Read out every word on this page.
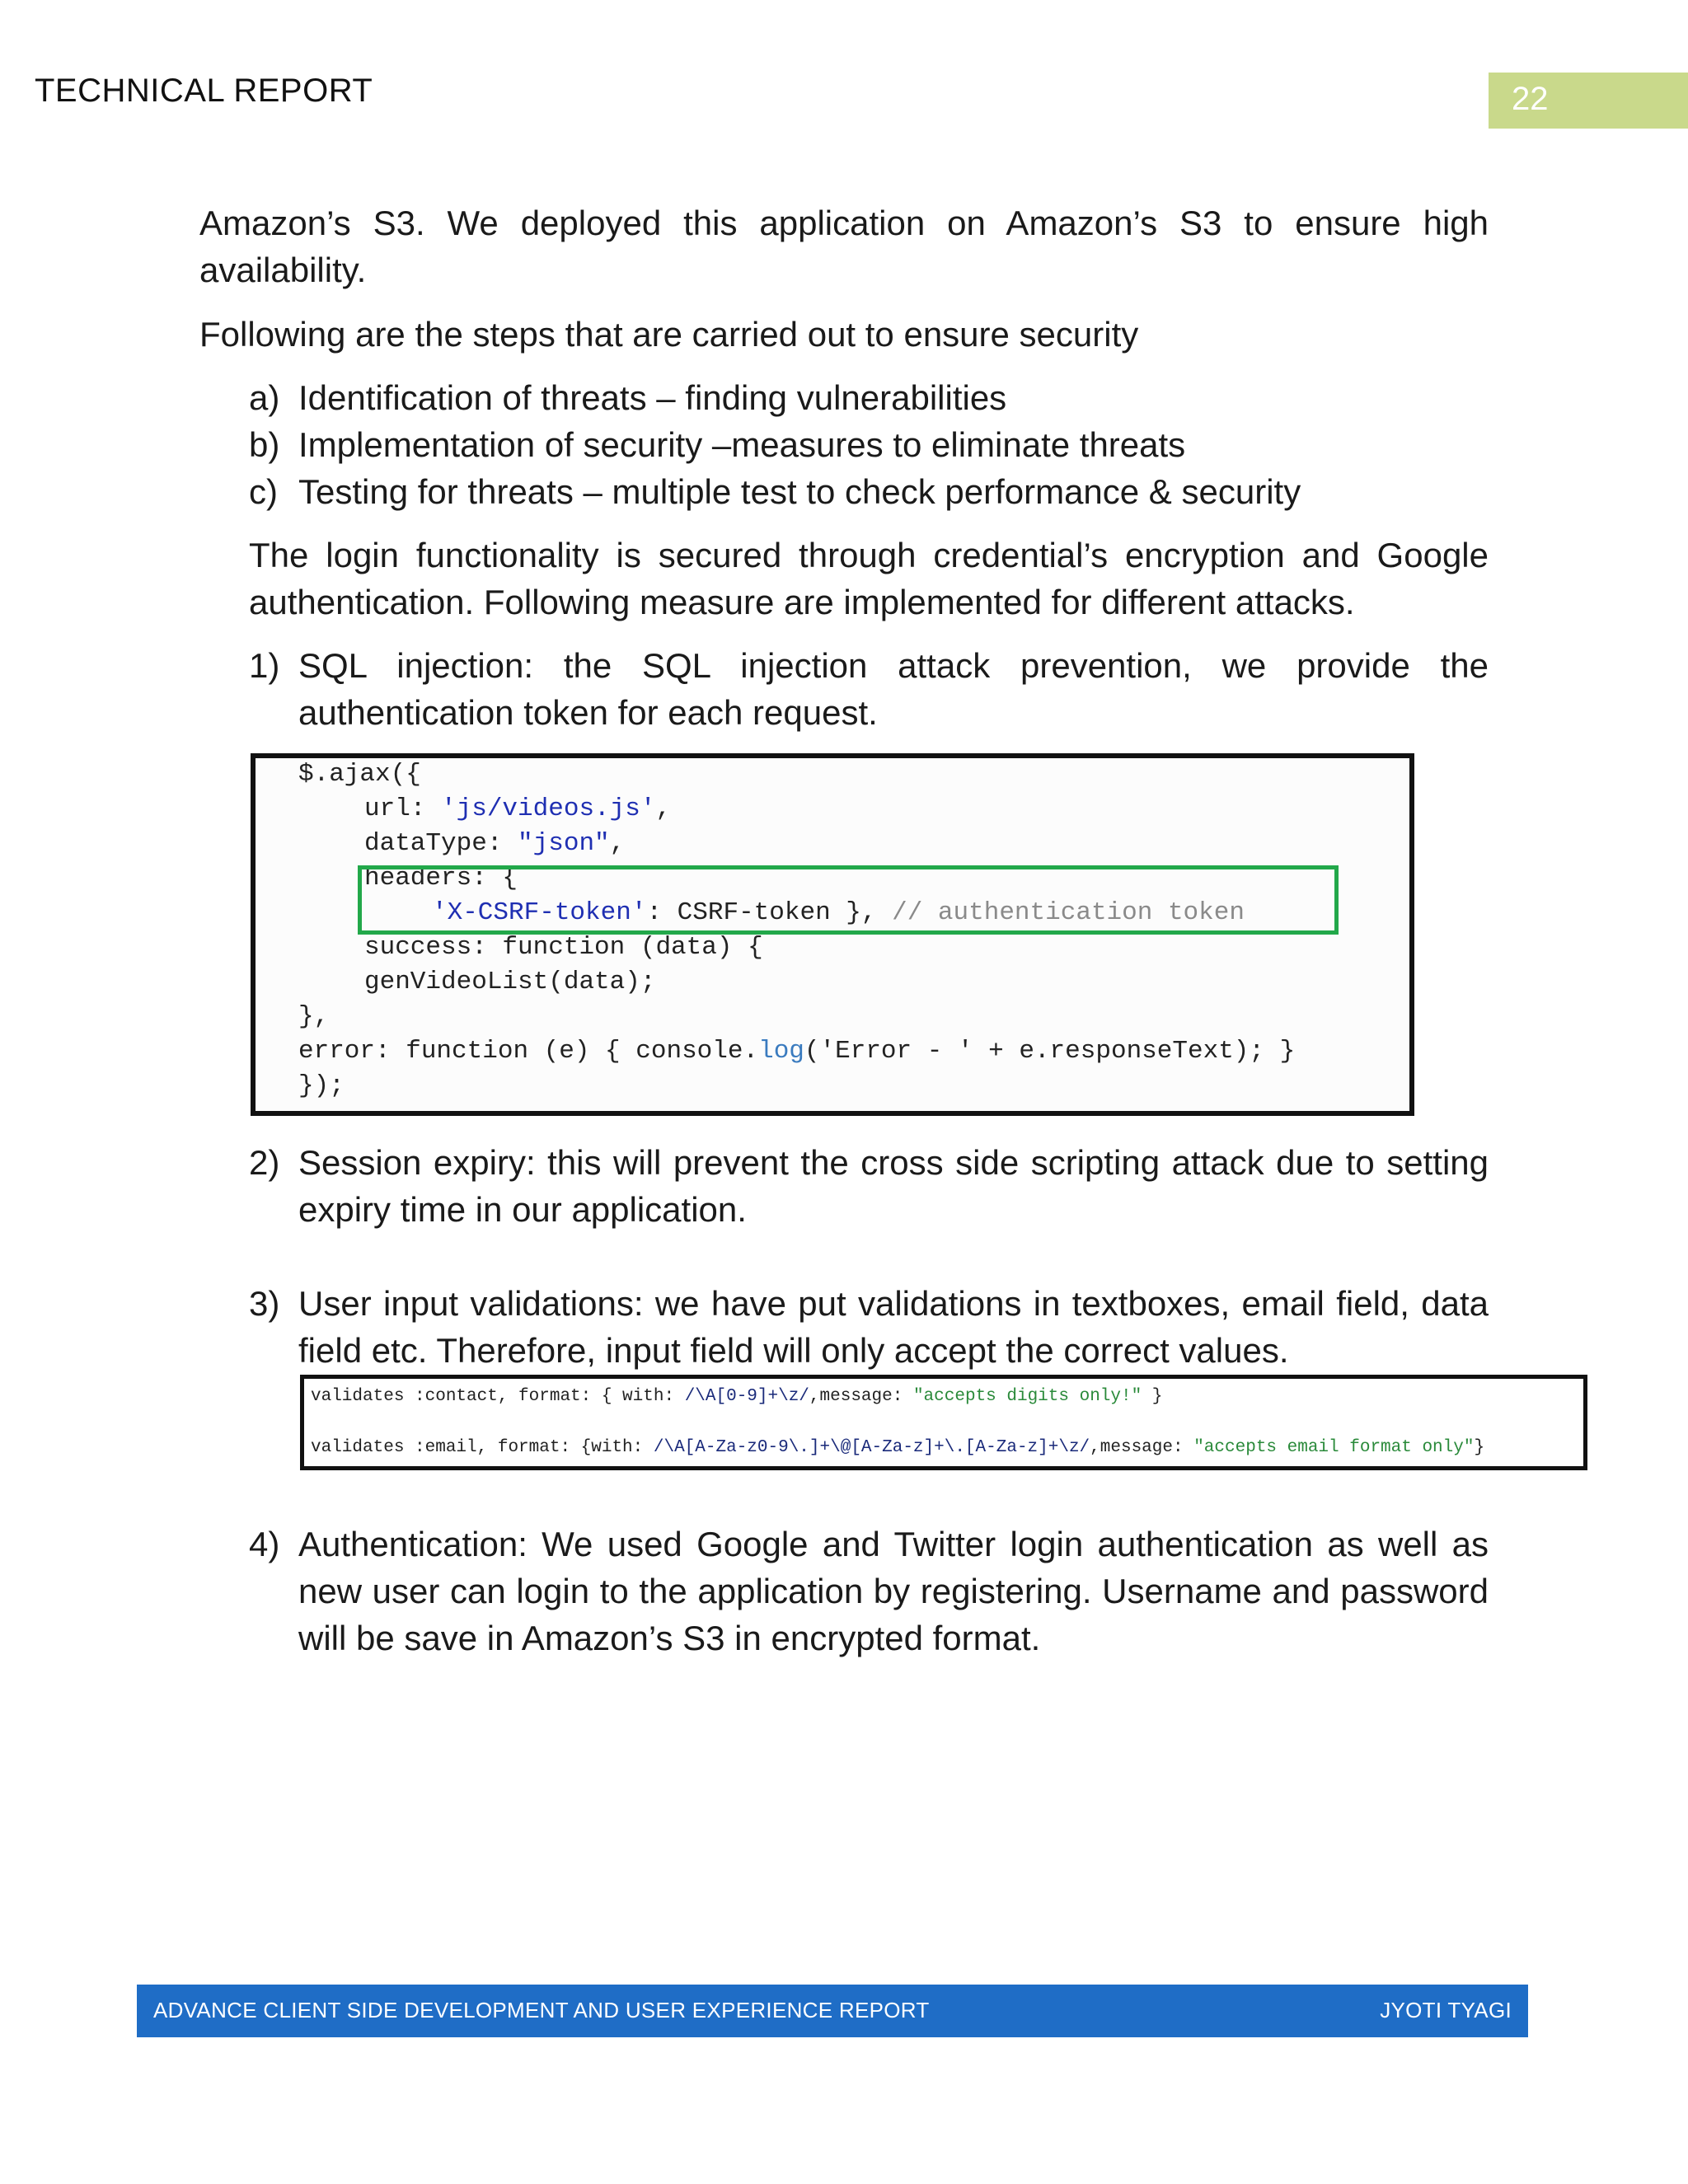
TECHNICAL REPORT	22

Amazon’s S3. We deployed this application on Amazon’s S3 to ensure high availability.

Following are the steps that are carried out to ensure security

a) Identification of threats – finding vulnerabilities
b) Implementation of security –measures to eliminate threats
c) Testing for threats – multiple test to check performance & security

The login functionality is secured through credential’s encryption and Google authentication. Following measure are implemented for different attacks.

1) SQL injection: the SQL injection attack prevention, we provide the authentication token for each request.
$.ajax({
url: 'js/videos.js',
dataType: "json",
headers: {
'X-CSRF-token': CSRF-token }, // authentication token
success: function (data) {
genVideoList(data);
},
error: function (e) { console.log('Error - ' + e.responseText); }
});
2) Session expiry: this will prevent the cross side scripting attack due to setting expiry time in our application.
3) User input validations: we have put validations in textboxes, email field, data field etc. Therefore, input field will only accept the correct values.
validates :contact, format: { with: /\A[0-9]+\z/,message: "accepts digits only!" }
validates :email, format: {with: /\A[A-Za-z0-9\.]+\@[A-Za-z]+\.[A-Za-z]+\z/,message: "accepts email format only"}
4) Authentication: We used Google and Twitter login authentication as well as new user can login to the application by registering. Username and password will be save in Amazon’s S3 in encrypted format.
ADVANCE CLIENT SIDE DEVELOPMENT AND USER EXPERIENCE REPORT	JYOTI TYAGI
